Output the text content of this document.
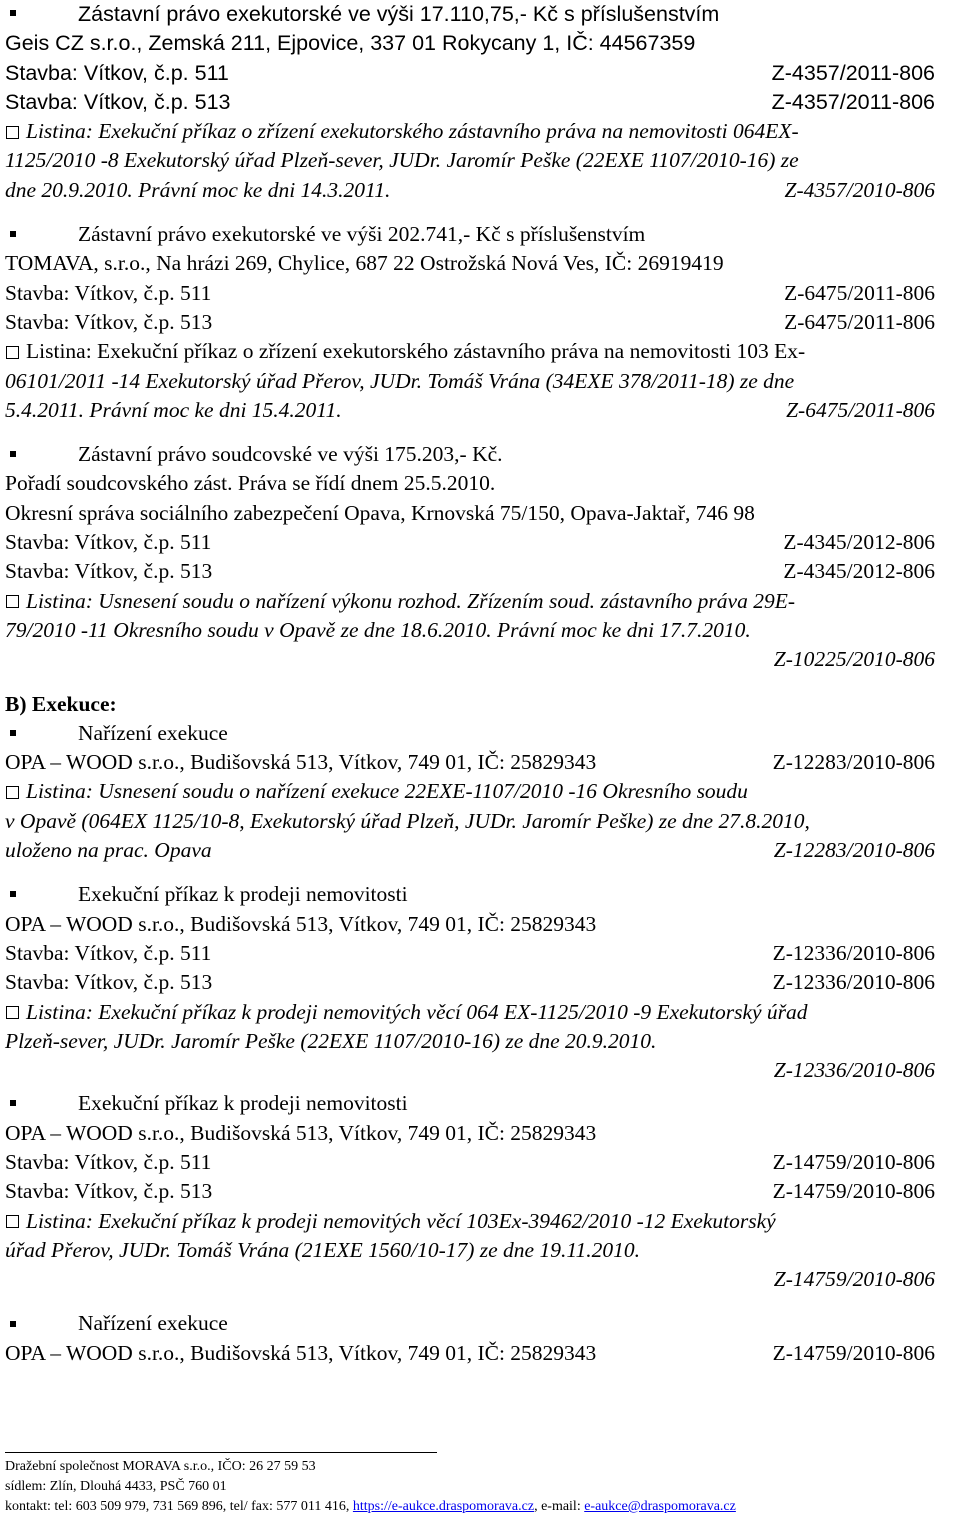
Zástavní právo exekutorské ve výši 17.110,75,- Kč s příslušenstvím
Geis CZ s.r.o., Zemská 211, Ejpovice, 337 01 Rokycany 1, IČ: 44567359
Stavba: Vítkov, č.p. 511	Z-4357/2011-806
Stavba: Vítkov, č.p. 513	Z-4357/2011-806
Listina: Exekuční příkaz o zřízení exekutorského zástavního práva na nemovitosti 064EX-
1125/2010 -8 Exekutorský úřad Plzeň-sever, JUDr. Jaromír Peške (22EXE 1107/2010-16) ze
dne 20.9.2010. Právní moc ke dni 14.3.2011.	Z-4357/2010-806
Zástavní právo exekutorské ve výši 202.741,- Kč s příslušenstvím
TOMAVA, s.r.o., Na hrázi 269, Chylice, 687 22 Ostrožská Nová Ves, IČ: 26919419
Stavba: Vítkov, č.p. 511	Z-6475/2011-806
Stavba: Vítkov, č.p. 513	Z-6475/2011-806
Listina: Exekuční příkaz o zřízení exekutorského zástavního práva na nemovitosti 103 Ex-
06101/2011 -14 Exekutorský úřad Přerov, JUDr. Tomáš Vrána (34EXE 378/2011-18) ze dne
5.4.2011. Právní moc ke dni 15.4.2011.	Z-6475/2011-806
Zástavní právo soudcovské ve výši 175.203,- Kč.
Pořadí soudcovského zást. Práva se řídí dnem 25.5.2010.
Okresní správa sociálního zabezpečení Opava, Krnovská 75/150, Opava-Jaktař, 746 98
Stavba: Vítkov, č.p. 511	Z-4345/2012-806
Stavba: Vítkov, č.p. 513	Z-4345/2012-806
Listina: Usnesení soudu o nařízení výkonu rozhod. Zřízením soud. zástavního práva 29E-
79/2010 -11 Okresního soudu v Opavě ze dne 18.6.2010. Právní moc ke dni 17.7.2010.
Z-10225/2010-806
B) Exekuce:
Nařízení exekuce
OPA – WOOD s.r.o., Budišovská 513, Vítkov, 749 01, IČ: 25829343	Z-12283/2010-806
Listina: Usnesení soudu o nařízení exekuce 22EXE-1107/2010 -16 Okresního soudu
v Opavě (064EX 1125/10-8, Exekutorský úřad Plzeň, JUDr. Jaromír Peške) ze dne 27.8.2010,
uloženo na prac. Opava	Z-12283/2010-806
Exekuční příkaz k prodeji nemovitosti
OPA – WOOD s.r.o., Budišovská 513, Vítkov, 749 01, IČ: 25829343
Stavba: Vítkov, č.p. 511	Z-12336/2010-806
Stavba: Vítkov, č.p. 513	Z-12336/2010-806
Listina: Exekuční příkaz k prodeji nemovitých věcí 064 EX-1125/2010 -9 Exekutorský úřad
Plzeň-sever, JUDr. Jaromír Peške (22EXE 1107/2010-16) ze dne 20.9.2010.
Z-12336/2010-806
Exekuční příkaz k prodeji nemovitosti
OPA – WOOD s.r.o., Budišovská 513, Vítkov, 749 01, IČ: 25829343
Stavba: Vítkov, č.p. 511	Z-14759/2010-806
Stavba: Vítkov, č.p. 513	Z-14759/2010-806
Listina: Exekuční příkaz k prodeji nemovitých věcí 103Ex-39462/2010 -12 Exekutorský
úřad Přerov, JUDr. Tomáš Vrána (21EXE 1560/10-17) ze dne 19.11.2010.
Z-14759/2010-806
Nařízení exekuce
OPA – WOOD s.r.o., Budišovská 513, Vítkov, 749 01, IČ: 25829343	Z-14759/2010-806
Dražební společnost MORAVA s.r.o., IČO: 26 27 59 53
sídlem: Zlín, Dlouhá 4433, PSČ 760 01
kontakt: tel: 603 509 979, 731 569 896, tel/ fax: 577 011 416, https://e-aukce.draspomorava.cz, e-mail: e-aukce@draspomorava.cz
